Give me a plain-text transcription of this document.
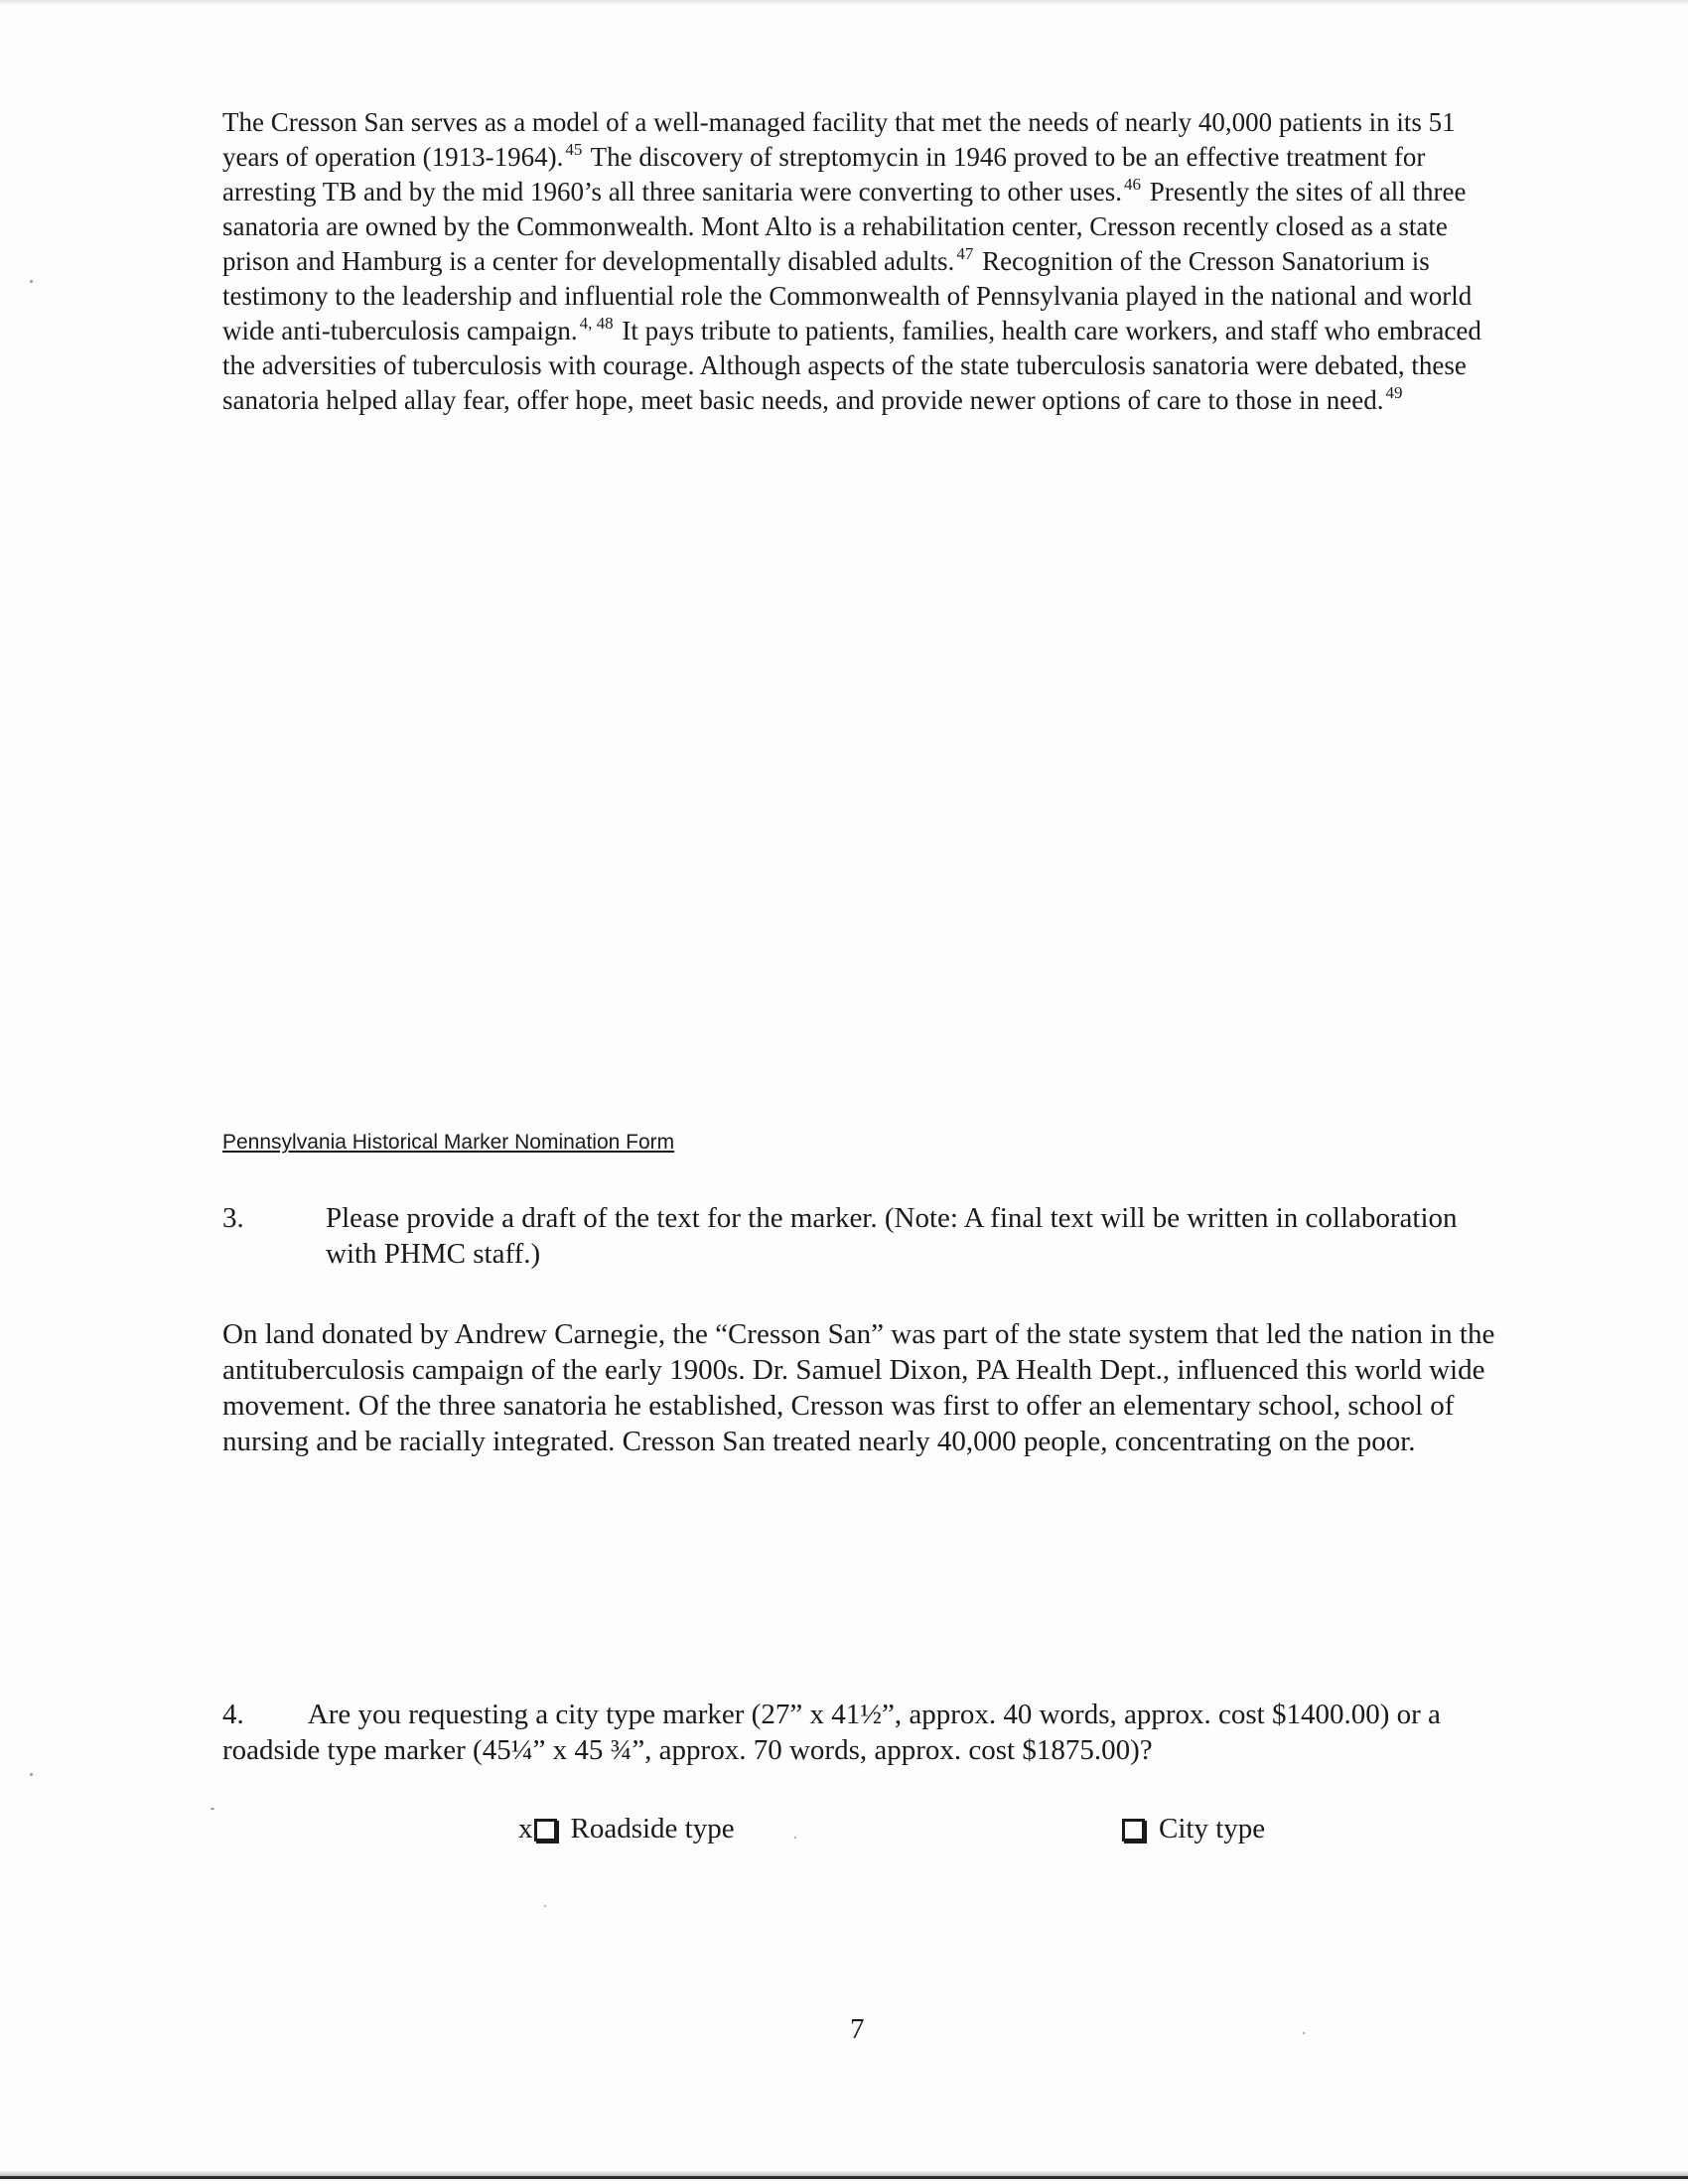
The Cresson San serves as a model of a well-managed facility that met the needs of nearly 40,000 patients in its 51 years of operation (1913-1964). $^{45}$ The discovery of streptomycin in 1946 proved to be an effective treatment for arresting TB and by the mid 1960’s all three sanitaria were converting to other uses. $^{46}$ Presently the sites of all three sanatoria are owned by the Commonwealth. Mont Alto is a rehabilitation center, Cresson recently closed as a state prison and Hamburg is a center for developmentally disabled adults. $^{47}$ Recognition of the Cresson Sanatorium is testimony to the leadership and influential role the Commonwealth of Pennsylvania played in the national and world wide anti-tuberculosis campaign. $^{4, 48}$ It pays tribute to patients, families, health care workers, and staff who embraced the adversities of tuberculosis with courage. Although aspects of the state tuberculosis sanatoria were debated, these sanatoria helped allay fear, offer hope, meet basic needs, and provide newer options of care to those in need. $^{49}$

Pennsylvania Historical Marker Nomination Form

3.	Please provide a draft of the text for the marker. (Note: A final text will be written in collaboration with PHMC staff.)

On land donated by Andrew Carnegie, the “Cresson San” was part of the state system that led the nation in the antituberculosis campaign of the early 1900s. Dr. Samuel Dixon, PA Health Dept., influenced this world wide movement. Of the three sanatoria he established, Cresson was first to offer an elementary school, school of nursing and be racially integrated. Cresson San treated nearly 40,000 people, concentrating on the poor.

4. Are you requesting a city type marker (27” x 41½”, approx. 40 words, approx. cost $1400.00) or a roadside type marker (45¼” x 45 ¾”, approx. 70 words, approx. cost $1875.00)?

x Roadside type	City type

7
